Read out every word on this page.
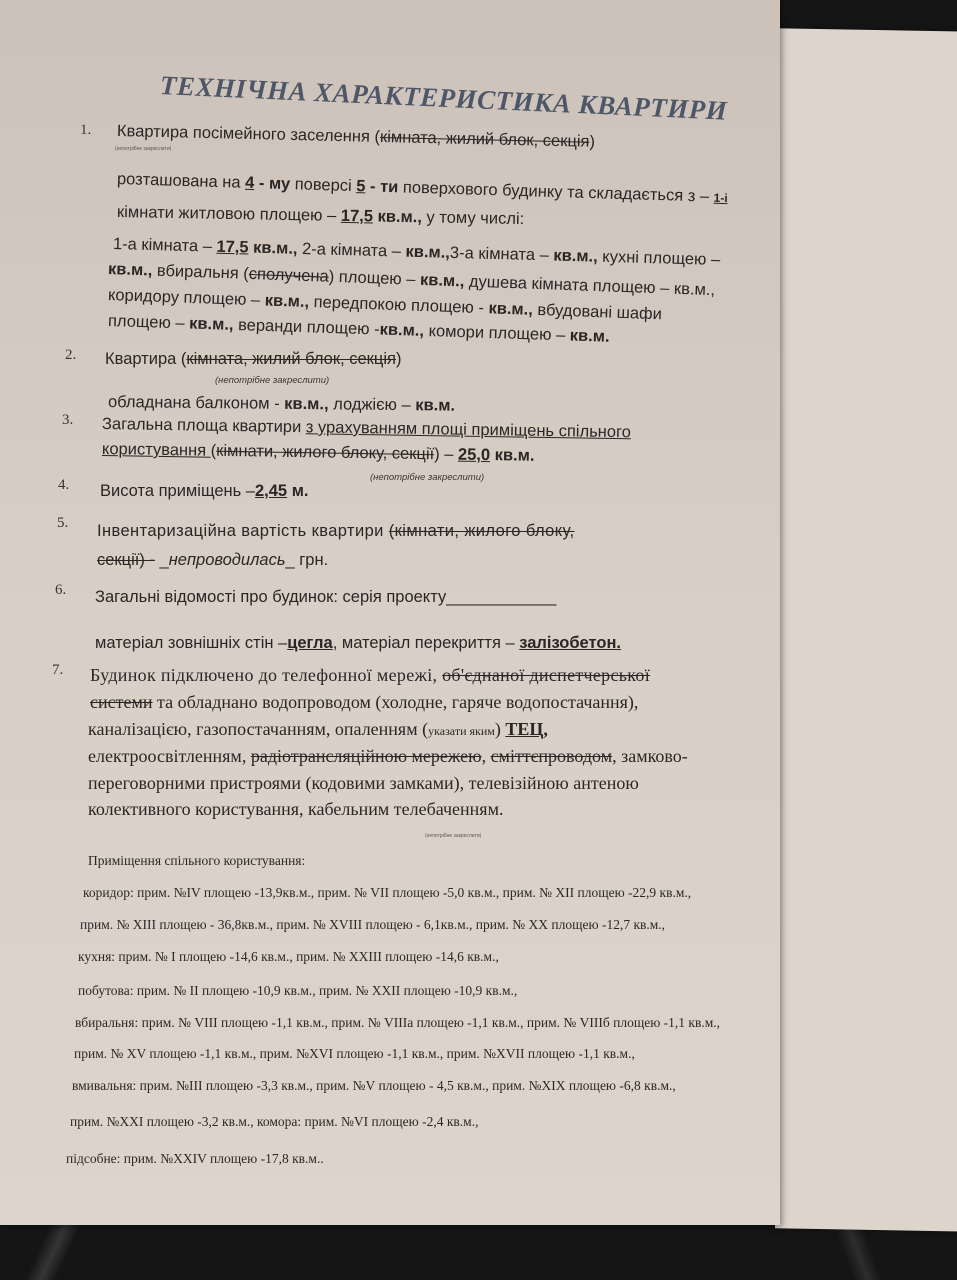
ТЕХНІЧНА ХАРАКТЕРИСТИКА КВАРТИРИ
1. Квартира посімейного заселення (кімната, жилий блок, секція)
(непотрібне закреслити)
розташована на 4 - му поверсі 5 - ти поверхового будинку та складається з – 1-і
кімнати житловою площею – 17,5 кв.м., у тому числі:
1-а кімната – 17,5 кв.м., 2-а кімната – кв.м.,3-а кімната – кв.м., кухні площею –
кв.м., вбиральня (сполучена) площею – кв.м., душева кімната площею – кв.м.,
коридору площею – кв.м., передпокою площею - кв.м., вбудовані шафи
площею – кв.м., веранди площею -кв.м., комори площею – кв.м.
2. Квартира (кімната, жилий блок, секція)
(непотрібне закреслити)
обладнана балконом - кв.м., лоджією – кв.м.
3. Загальна площа квартири з урахуванням площі приміщень спільного
користування (кімнати, жилого блоку, секції) – 25,0 кв.м.
(непотрібне закреслити)
4. Висота приміщень –2,45 м.
5. Інвентаризаційна вартість квартири (кімнати, жилого блоку,
секції) - _непроводилась_ грн.
6. Загальні відомості про будинок: серія проекту____________
матеріал зовнішніх стін –цегла, матеріал перекриття – залізобетон.
7. Будинок підключено до телефонної мережі, об'єднаної диспетчерської
системи та обладнано водопроводом (холодне, гаряче водопостачання),
каналізацією, газопостачанням, опаленням (указати яким) ТЕЦ,
електроосвітленням, радіотрансляційною мережею, сміттєпроводом, замково-
переговорними пристроями (кодовими замками), телевізійною антеною
колективного користування, кабельним телебаченням.
(непотрібне закреслити)
Приміщення спільного користування:
коридор: прим. №IV площею -13,9кв.м., прим. № VII площею -5,0 кв.м., прим. № XII площею -22,9 кв.м.,
прим. № XIII площею - 36,8кв.м., прим. № XVIII площею - 6,1кв.м., прим. № XX площею -12,7 кв.м.,
кухня: прим. № I площею -14,6 кв.м., прим. № XXIII площею -14,6 кв.м.,
побутова: прим. № II площею -10,9 кв.м., прим. № XXII площею -10,9 кв.м.,
вбиральня: прим. № VIII площею -1,1 кв.м., прим. № VIIIа площею -1,1 кв.м., прим. № VIIIб площею -1,1 кв.м.,
прим. № XV площею -1,1 кв.м., прим. №XVI площею -1,1 кв.м., прим. №XVII площею -1,1 кв.м.,
вмивальня: прим. №III площею -3,3 кв.м., прим. №V площею - 4,5 кв.м., прим. №XIX площею -6,8 кв.м.,
прим. №XXI площею -3,2 кв.м., комора: прим. №VI площею -2,4 кв.м.,
підсобне: прим. №XXIV площею -17,8 кв.м..
